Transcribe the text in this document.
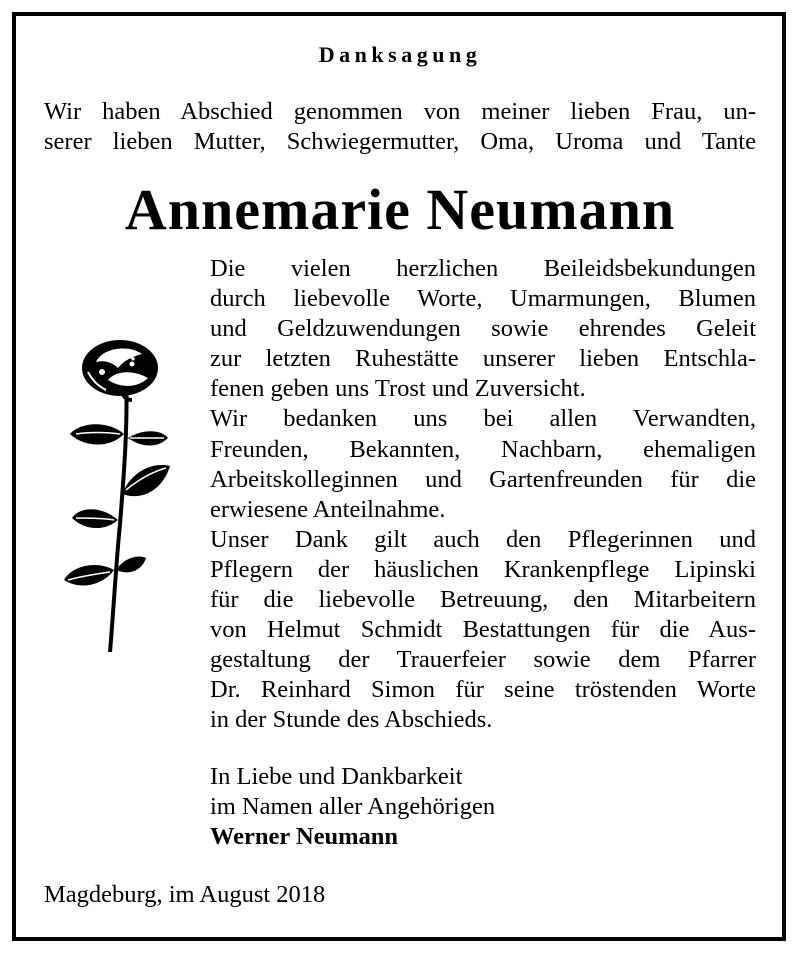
Danksagung
Wir haben Abschied genommen von meiner lieben Frau, un-
serer lieben Mutter, Schwiegermutter, Oma, Uroma und Tante
Annemarie Neumann
Die vielen herzlichen Beileidsbekundungen
durch liebevolle Worte, Umarmungen, Blumen
und Geldzuwendungen sowie ehrendes Geleit
zur letzten Ruhestätte unserer lieben Entschla-
fenen geben uns Trost und Zuversicht.
Wir bedanken uns bei allen Verwandten,
Freunden, Bekannten, Nachbarn, ehemaligen
Arbeitskolleginnen und Gartenfreunden für die
erwiesene Anteilnahme.
Unser Dank gilt auch den Pflegerinnen und
Pflegern der häuslichen Krankenpflege Lipinski
für die liebevolle Betreuung, den Mitarbeitern
von Helmut Schmidt Bestattungen für die Aus-
gestaltung der Trauerfeier sowie dem Pfarrer
Dr. Reinhard Simon für seine tröstenden Worte
in der Stunde des Abschieds.
In Liebe und Dankbarkeit
im Namen aller Angehörigen
Werner Neumann
Magdeburg, im August 2018
